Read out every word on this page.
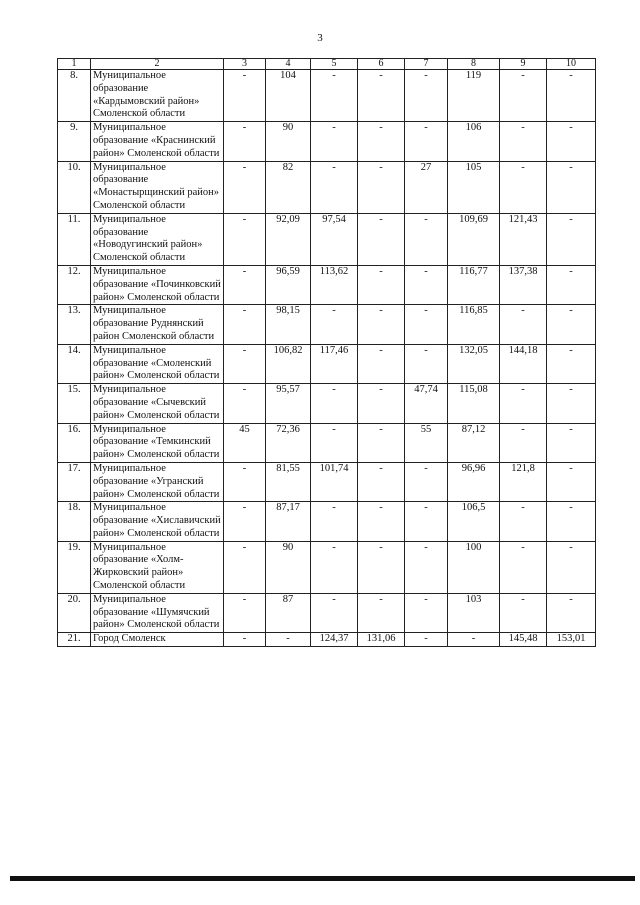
3
1	2	3	4	5	6	7	8	9	10
8.	Муниципальное образование «Кардымовский район» Смоленской области	-	104	-	-	-	119	-	-
9.	Муниципальное образование «Краснинский район» Смоленской области	-	90	-	-	-	106	-	-
10.	Муниципальное образование «Монастырщинский район» Смоленской области	-	82	-	-	27	105	-	-
11.	Муниципальное образование «Новодугинский район» Смоленской области	-	92,09	97,54	-	-	109,69	121,43	-
12.	Муниципальное образование «Починковский район» Смоленской области	-	96,59	113,62	-	-	116,77	137,38	-
13.	Муниципальное образование Руднянский район Смоленской области	-	98,15	-	-	-	116,85	-	-
14.	Муниципальное образование «Смоленский район» Смоленской области	-	106,82	117,46	-	-	132,05	144,18	-
15.	Муниципальное образование «Сычевский район» Смоленской области	-	95,57	-	-	47,74	115,08	-	-
16.	Муниципальное образование «Темкинский район» Смоленской области	45	72,36	-	-	55	87,12	-	-
17.	Муниципальное образование «Угранский район» Смоленской области	-	81,55	101,74	-	-	96,96	121,8	-
18.	Муниципальное образование «Хиславичский район» Смоленской области	-	87,17	-	-	-	106,5	-	-
19.	Муниципальное образование «Холм-Жирковский район» Смоленской области	-	90	-	-	-	100	-	-
20.	Муниципальное образование «Шумячский район» Смоленской области	-	87	-	-	-	103	-	-
21.	Город Смоленск	-	-	124,37	131,06	-	-	145,48	153,01
